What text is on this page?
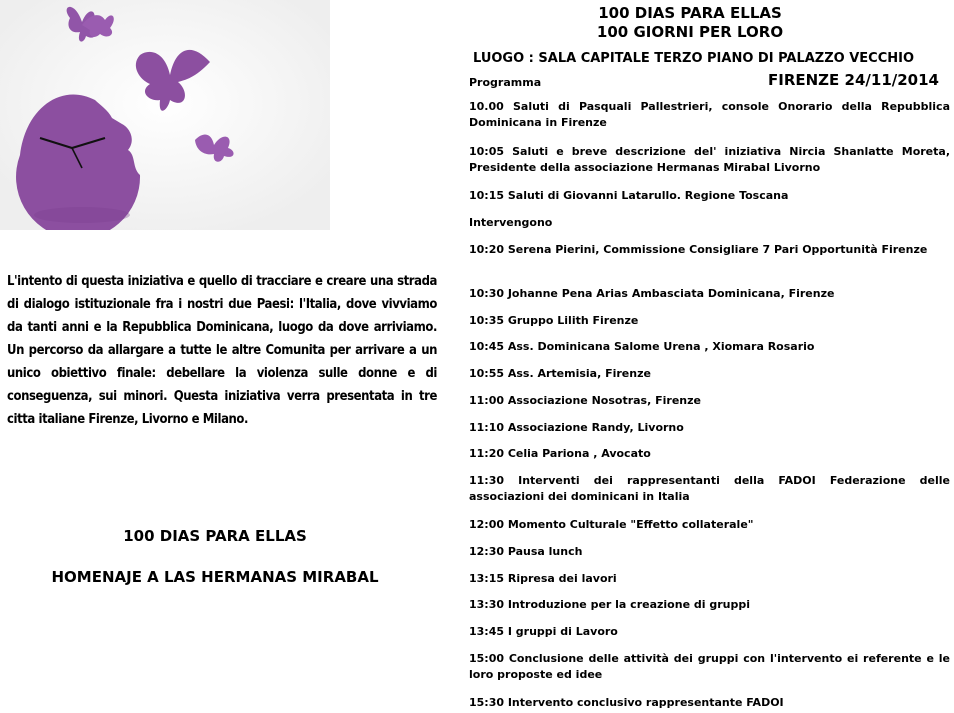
100 DIAS PARA ELLAS
100 GIORNI PER LORO
LUOGO : SALA CAPITALE TERZO PIANO DI PALAZZO VECCHIO
Programma	FIRENZE 24/11/2014
L'intento di questa iniziativa e quello di tracciare e creare una strada di dialogo istituzionale fra i nostri due Paesi: l'Italia, dove vivviamo da tanti anni e la Repubblica Dominicana, luogo da dove arriviamo. Un percorso da allargare a tutte le altre Comunita per arrivare a un unico obiettivo finale: debellare la violenza sulle donne e di conseguenza, sui minori. Questa iniziativa verra presentata in tre citta italiane Firenze, Livorno e Milano.
100 DIAS PARA ELLAS
HOMENAJE A LAS HERMANAS MIRABAL
10.00 Saluti di Pasquali Pallestrieri, console Onorario della Repubblica Dominicana in Firenze
10:05 Saluti e breve descrizione del' iniziativa Nircia Shanlatte Moreta, Presidente della associazione Hermanas Mirabal Livorno
10:15 Saluti di Giovanni Latarullo. Regione Toscana
Intervengono
10:20 Serena Pierini, Commissione Consigliare 7 Pari Opportunità Firenze
10:30 Johanne Pena Arias Ambasciata Dominicana, Firenze
10:35 Gruppo Lilith Firenze
10:45 Ass. Dominicana Salome Urena , Xiomara Rosario
10:55 Ass. Artemisia, Firenze
11:00 Associazione Nosotras, Firenze
11:10 Associazione Randy, Livorno
11:20 Celia Pariona , Avocato
11:30 Interventi dei rappresentanti della FADOI Federazione delle associazioni dei dominicani in Italia
12:00 Momento Culturale "Effetto collaterale"
12:30 Pausa lunch
13:15 Ripresa dei lavori
13:30 Introduzione per la creazione di gruppi
13:45 I gruppi di Lavoro
15:00 Conclusione delle attività dei gruppi con l'intervento ei referente e le loro proposte ed idee
15:30 Intervento conclusivo rappresentante FADOI
